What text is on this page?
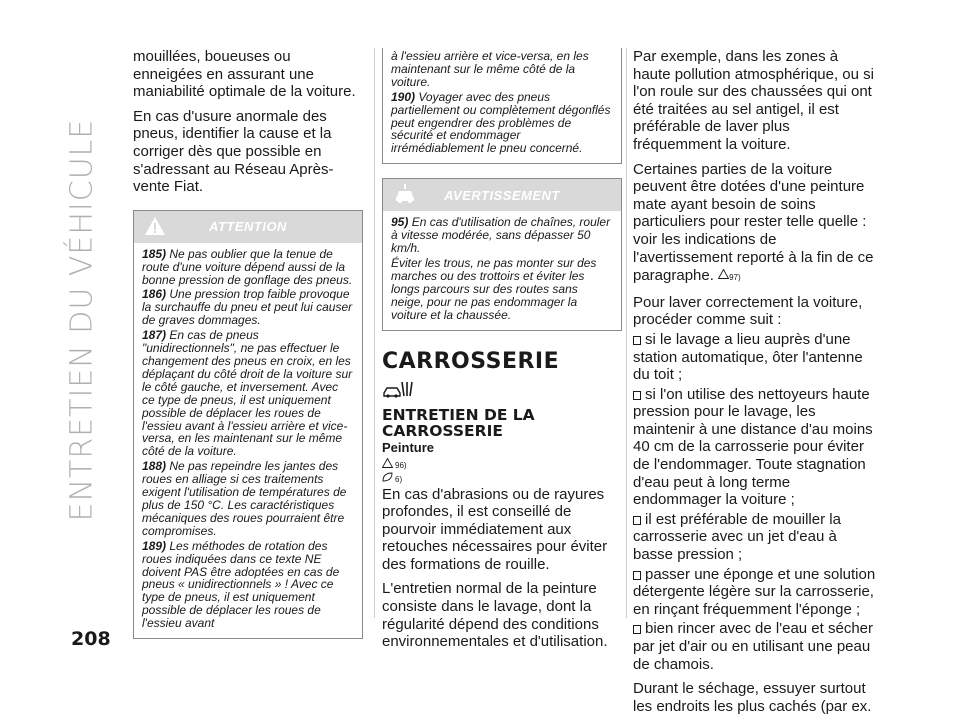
ENTRETIEN DU VÉHICULE
208

mouillées, boueuses ou enneigées en assurant une maniabilité optimale de la voiture.

En cas d'usure anormale des pneus, identifier la cause et la corriger dès que possible en s'adressant au Réseau Après-vente Fiat.

ATTENTION

185) Ne pas oublier que la tenue de route d'une voiture dépend aussi de la bonne pression de gonflage des pneus.

186) Une pression trop faible provoque la surchauffe du pneu et peut lui causer de graves dommages.

187) En cas de pneus "unidirectionnels", ne pas effectuer le changement des pneus en croix, en les déplaçant du côté droit de la voiture sur le côté gauche, et inversement. Avec ce type de pneus, il est uniquement possible de déplacer les roues de l'essieu avant à l'essieu arrière et vice-versa, en les maintenant sur le même côté de la voiture.

188) Ne pas repeindre les jantes des roues en alliage si ces traitements exigent l'utilisation de températures de plus de 150 °C. Les caractéristiques mécaniques des roues pourraient être compromises.

189) Les méthodes de rotation des roues indiquées dans ce texte NE doivent PAS être adoptées en cas de pneus « unidirectionnels » ! Avec ce type de pneus, il est uniquement possible de déplacer les roues de l'essieu avant

à l'essieu arrière et vice-versa, en les maintenant sur le même côté de la voiture.

190) Voyager avec des pneus partiellement ou complètement dégonflés peut engendrer des problèmes de sécurité et endommager irrémédiablement le pneu concerné.

AVERTISSEMENT

95) En cas d'utilisation de chaînes, rouler à vitesse modérée, sans dépasser 50 km/h.

Éviter les trous, ne pas monter sur des marches ou des trottoirs et éviter les longs parcours sur des routes sans neige, pour ne pas endommager la voiture et la chaussée.

CARROSSERIE
ENTRETIEN DE LA CARROSSERIE
Peinture
96)
6)

En cas d'abrasions ou de rayures profondes, il est conseillé de pourvoir immédiatement aux retouches nécessaires pour éviter des formations de rouille.

L'entretien normal de la peinture consiste dans le lavage, dont la régularité dépend des conditions environnementales et d'utilisation.

Par exemple, dans les zones à haute pollution atmosphérique, ou si l'on roule sur des chaussées qui ont été traitées au sel antigel, il est préférable de laver plus fréquemment la voiture.

Certaines parties de la voiture peuvent être dotées d'une peinture mate ayant besoin de soins particuliers pour rester telle quelle : voir les indications de l'avertissement reporté à la fin de ce paragraphe. 97)

Pour laver correctement la voiture, procéder comme suit :

si le lavage a lieu auprès d'une station automatique, ôter l'antenne du toit ;

si l'on utilise des nettoyeurs haute pression pour le lavage, les maintenir à une distance d'au moins 40 cm de la carrosserie pour éviter de l'endommager. Toute stagnation d'eau peut à long terme endommager la voiture ;

il est préférable de mouiller la carrosserie avec un jet d'eau à basse pression ;

passer une éponge et une solution détergente légère sur la carrosserie, en rinçant fréquemment l'éponge ;

bien rincer avec de l'eau et sécher par jet d'air ou en utilisant une peau de chamois.

Durant le séchage, essuyer surtout les endroits les plus cachés (par ex.
